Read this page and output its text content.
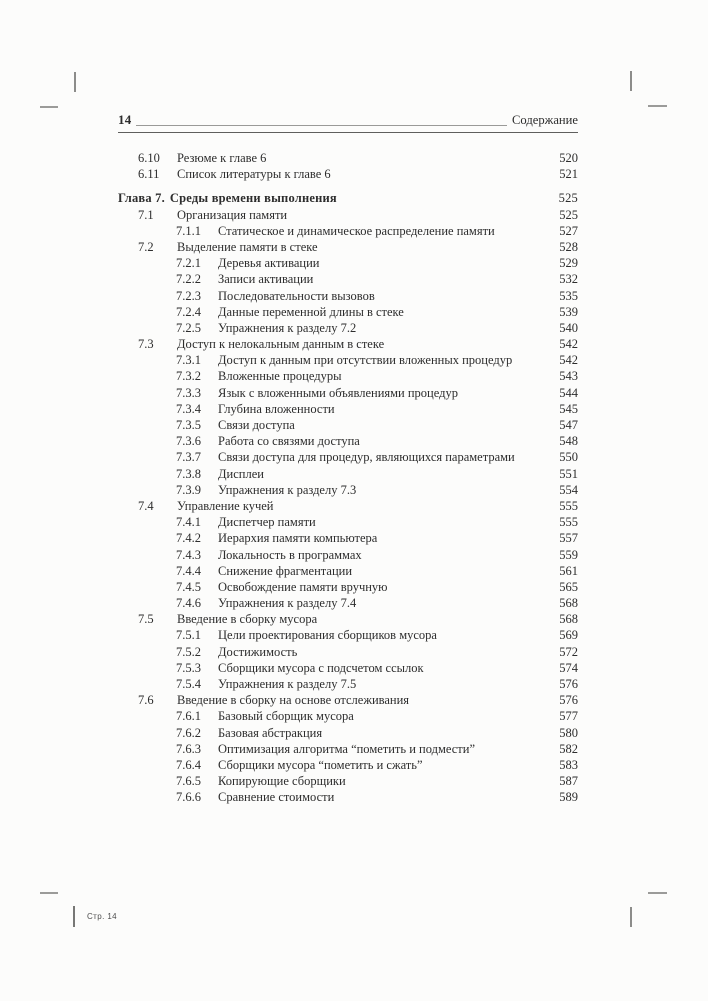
14	Содержание
6.10	Резюме к главе 6	520
6.11	Список литературы к главе 6	521
Глава 7. Среды времени выполнения	525
7.1	Организация памяти	525
7.1.1	Статическое и динамическое распределение памяти	527
7.2	Выделение памяти в стеке	528
7.2.1	Деревья активации	529
7.2.2	Записи активации	532
7.2.3	Последовательности вызовов	535
7.2.4	Данные переменной длины в стеке	539
7.2.5	Упражнения к разделу 7.2	540
7.3	Доступ к нелокальным данным в стеке	542
7.3.1	Доступ к данным при отсутствии вложенных процедур	542
7.3.2	Вложенные процедуры	543
7.3.3	Язык с вложенными объявлениями процедур	544
7.3.4	Глубина вложенности	545
7.3.5	Связи доступа	547
7.3.6	Работа со связями доступа	548
7.3.7	Связи доступа для процедур, являющихся параметрами	550
7.3.8	Дисплеи	551
7.3.9	Упражнения к разделу 7.3	554
7.4	Управление кучей	555
7.4.1	Диспетчер памяти	555
7.4.2	Иерархия памяти компьютера	557
7.4.3	Локальность в программах	559
7.4.4	Снижение фрагментации	561
7.4.5	Освобождение памяти вручную	565
7.4.6	Упражнения к разделу 7.4	568
7.5	Введение в сборку мусора	568
7.5.1	Цели проектирования сборщиков мусора	569
7.5.2	Достижимость	572
7.5.3	Сборщики мусора с подсчетом ссылок	574
7.5.4	Упражнения к разделу 7.5	576
7.6	Введение в сборку на основе отслеживания	576
7.6.1	Базовый сборщик мусора	577
7.6.2	Базовая абстракция	580
7.6.3	Оптимизация алгоритма “пометить и подмести”	582
7.6.4	Сборщики мусора “пометить и сжать”	583
7.6.5	Копирующие сборщики	587
7.6.6	Сравнение стоимости	589
Стр. 14
